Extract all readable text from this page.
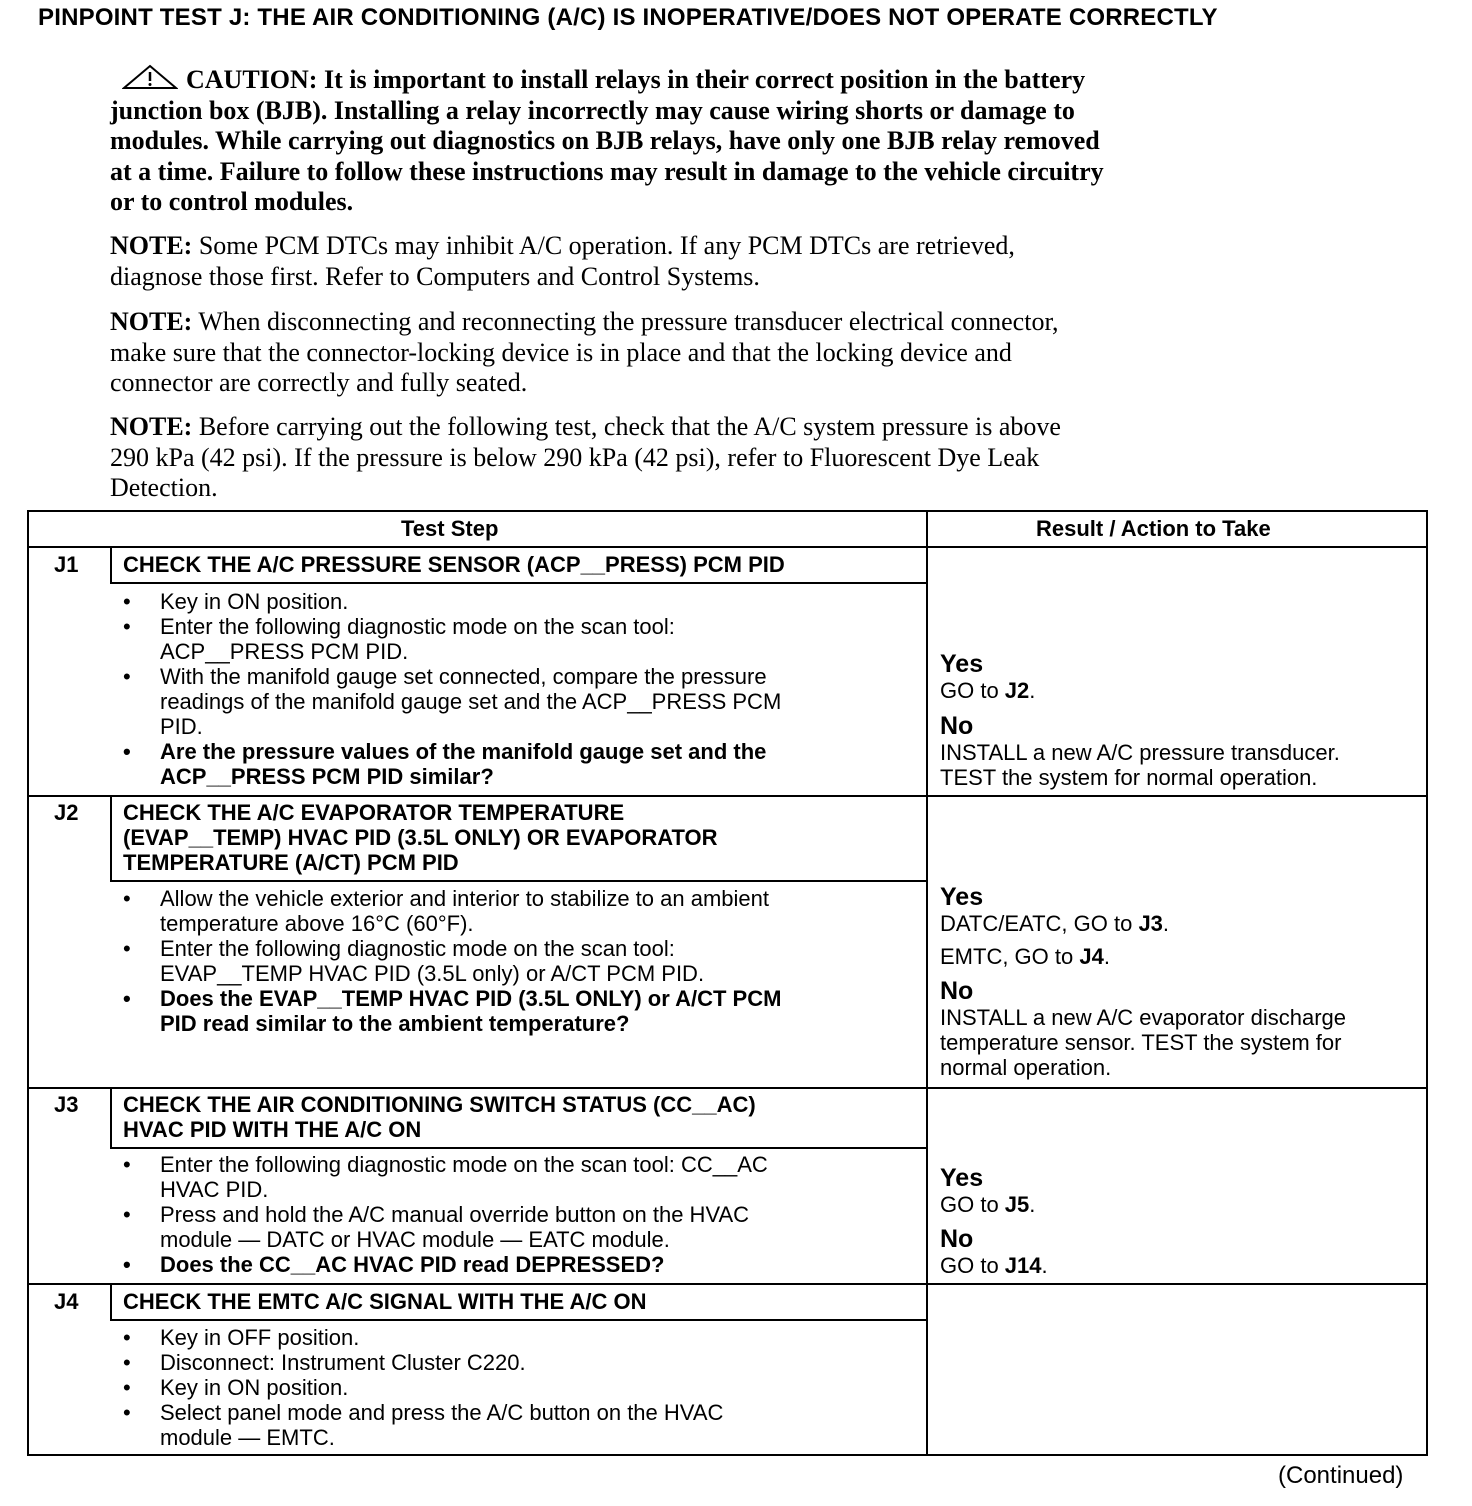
PINPOINT TEST J: THE AIR CONDITIONING (A/C) IS INOPERATIVE/DOES NOT OPERATE CORRECTLY
CAUTION: It is important to install relays in their correct position in the battery
junction box (BJB). Installing a relay incorrectly may cause wiring shorts or damage to
modules. While carrying out diagnostics on BJB relays, have only one BJB relay removed
at a time. Failure to follow these instructions may result in damage to the vehicle circuitry
or to control modules.
NOTE: Some PCM DTCs may inhibit A/C operation. If any PCM DTCs are retrieved,
diagnose those first. Refer to Computers and Control Systems.
NOTE: When disconnecting and reconnecting the pressure transducer electrical connector,
make sure that the connector-locking device is in place and that the locking device and
connector are correctly and fully seated.
NOTE: Before carrying out the following test, check that the A/C system pressure is above
290 kPa (42 psi). If the pressure is below 290 kPa (42 psi), refer to Fluorescent Dye Leak
Detection.
Test Step	Result / Action to Take
J1 CHECK THE A/C PRESSURE SENSOR (ACP__PRESS) PCM PID
• Key in ON position.
• Enter the following diagnostic mode on the scan tool:
ACP__PRESS PCM PID.
• With the manifold gauge set connected, compare the pressure
readings of the manifold gauge set and the ACP__PRESS PCM
PID.
• Are the pressure values of the manifold gauge set and the
ACP__PRESS PCM PID similar?
Yes
GO to J2.
No
INSTALL a new A/C pressure transducer.
TEST the system for normal operation.
J2 CHECK THE A/C EVAPORATOR TEMPERATURE
(EVAP__TEMP) HVAC PID (3.5L ONLY) OR EVAPORATOR
TEMPERATURE (A/CT) PCM PID
• Allow the vehicle exterior and interior to stabilize to an ambient
temperature above 16°C (60°F).
• Enter the following diagnostic mode on the scan tool:
EVAP__TEMP HVAC PID (3.5L only) or A/CT PCM PID.
• Does the EVAP__TEMP HVAC PID (3.5L ONLY) or A/CT PCM
PID read similar to the ambient temperature?
Yes
DATC/EATC, GO to J3.
EMTC, GO to J4.
No
INSTALL a new A/C evaporator discharge
temperature sensor. TEST the system for
normal operation.
J3 CHECK THE AIR CONDITIONING SWITCH STATUS (CC__AC)
HVAC PID WITH THE A/C ON
• Enter the following diagnostic mode on the scan tool: CC__AC
HVAC PID.
• Press and hold the A/C manual override button on the HVAC
module — DATC or HVAC module — EATC module.
• Does the CC__AC HVAC PID read DEPRESSED?
Yes
GO to J5.
No
GO to J14.
J4 CHECK THE EMTC A/C SIGNAL WITH THE A/C ON
• Key in OFF position.
• Disconnect: Instrument Cluster C220.
• Key in ON position.
• Select panel mode and press the A/C button on the HVAC
module — EMTC.
(Continued)
